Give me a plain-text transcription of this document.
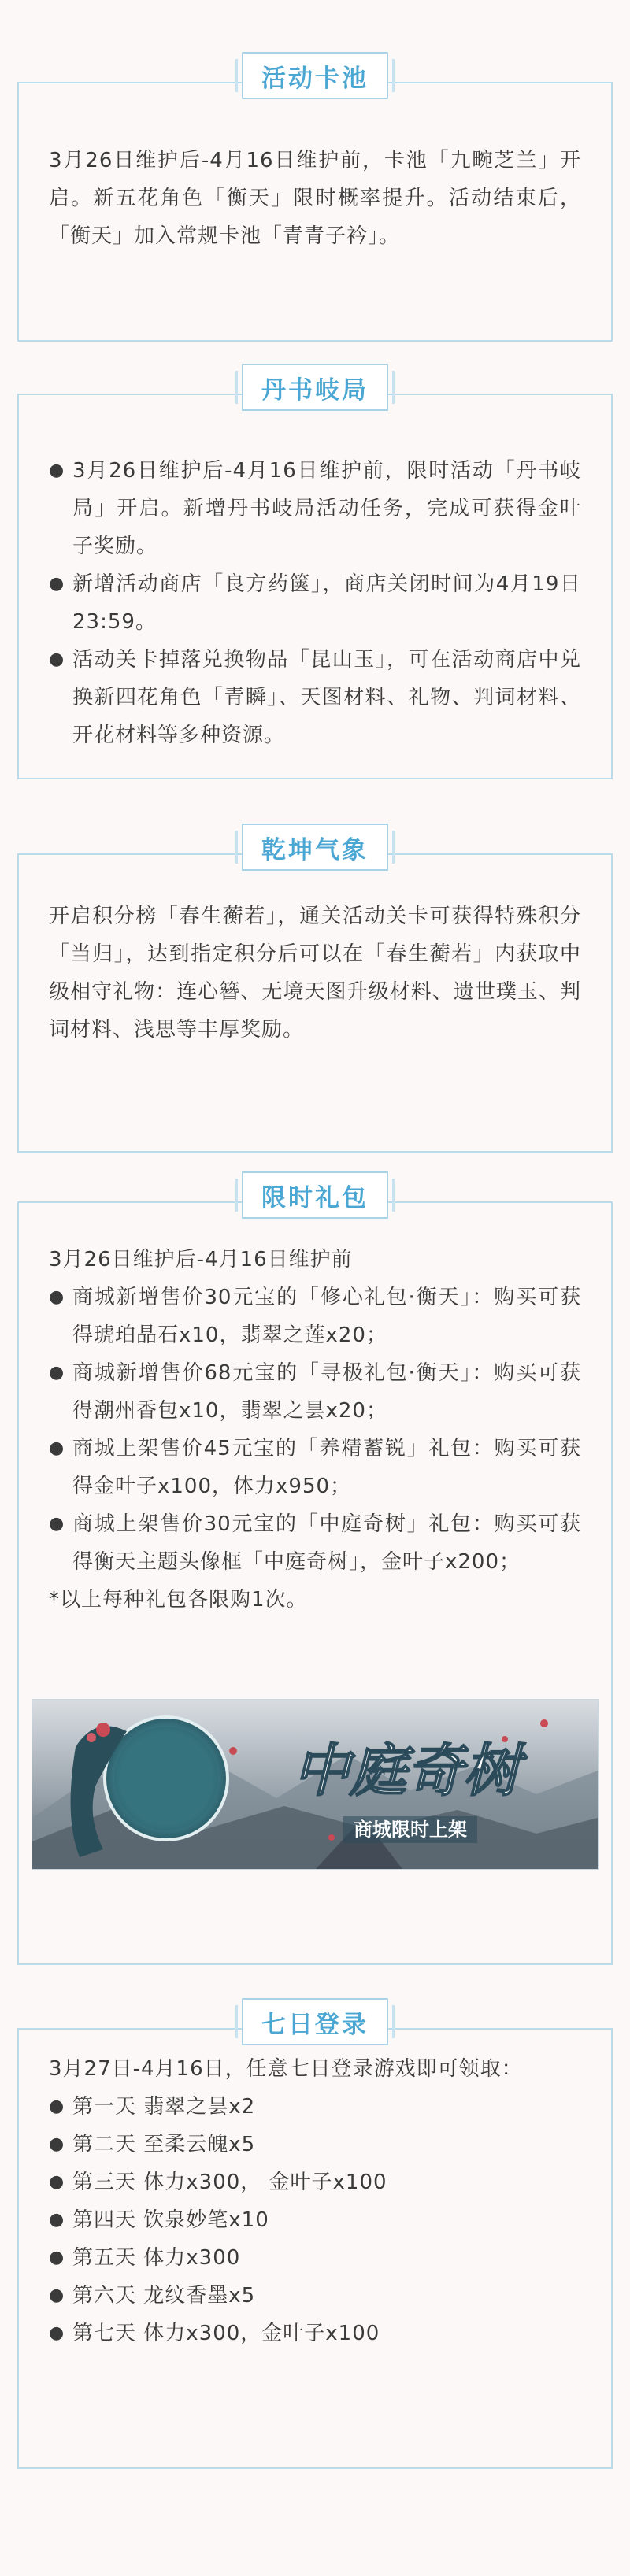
活动卡池

3月26日维护后-4月16日维护前，卡池「九畹芝兰」开启。新五花角色「衡天」限时概率提升。活动结束后，「衡天」加入常规卡池「青青子衿」。

丹书岐局
● 3月26日维护后-4月16日维护前，限时活动「丹书岐局」开启。新增丹书岐局活动任务，完成可获得金叶子奖励。
● 新增活动商店「良方药箧」，商店关闭时间为4月19日23:59。
● 活动关卡掉落兑换物品「昆山玉」，可在活动商店中兑换新四花角色「青瞬」、天图材料、礼物、判词材料、开花材料等多种资源。
乾坤气象

开启积分榜「春生蘅若」，通关活动关卡可获得特殊积分「当归」，达到指定积分后可以在「春生蘅若」内获取中级相守礼物：连心簪、无境天图升级材料、遗世璞玉、判词材料、浅思等丰厚奖励。

限时礼包

3月26日维护后-4月16日维护前

● 商城新增售价30元宝的「修心礼包·衡天」：购买可获得琥珀晶石x10，翡翠之莲x20；
● 商城新增售价68元宝的「寻极礼包·衡天」：购买可获得潮州香包x10，翡翠之昙x20；
● 商城上架售价45元宝的「养精蓄锐」礼包：购买可获得金叶子x100，体力x950；
● 商城上架售价30元宝的「中庭奇树」礼包：购买可获得衡天主题头像框「中庭奇树」，金叶子x200；

*以上每种礼包各限购1次。

中庭奇树
商城限时上架
七日登录

3月27日-4月16日，任意七日登录游戏即可领取：

● 第一天 翡翠之昙x2
● 第二天 至柔云魄x5
● 第三天 体力x300， 金叶子x100
● 第四天 饮泉妙笔x10
● 第五天 体力x300
● 第六天 龙纹香墨x5
● 第七天 体力x300，金叶子x100
